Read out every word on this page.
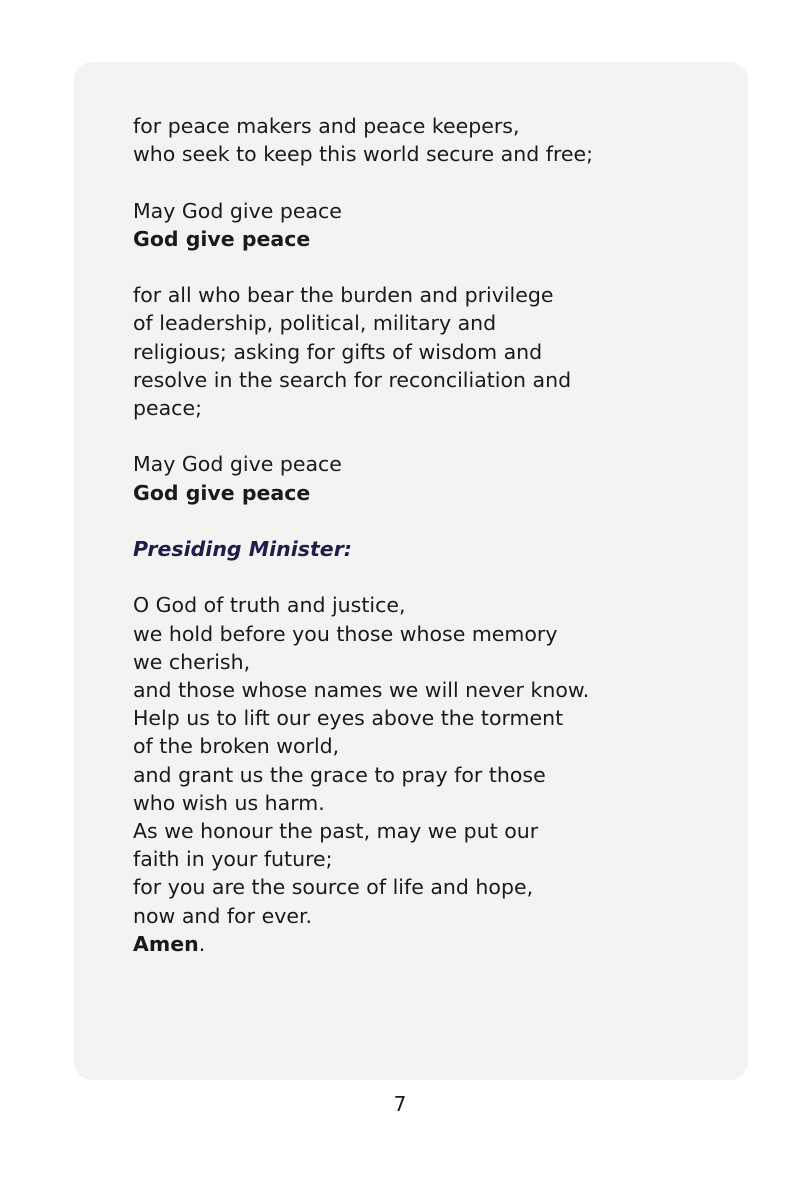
for peace makers and peace keepers,
who seek to keep this world secure and free;
May God give peace
God give peace
for all who bear the burden and privilege
of leadership, political, military and
religious; asking for gifts of wisdom and
resolve in the search for reconciliation and
peace;
May God give peace
God give peace
Presiding Minister:
O God of truth and justice,
we hold before you those whose memory
we cherish,
and those whose names we will never know.
Help us to lift our eyes above the torment
of the broken world,
and grant us the grace to pray for those
who wish us harm.
As we honour the past, may we put our
faith in your future;
for you are the source of life and hope,
now and for ever.
Amen.
7
